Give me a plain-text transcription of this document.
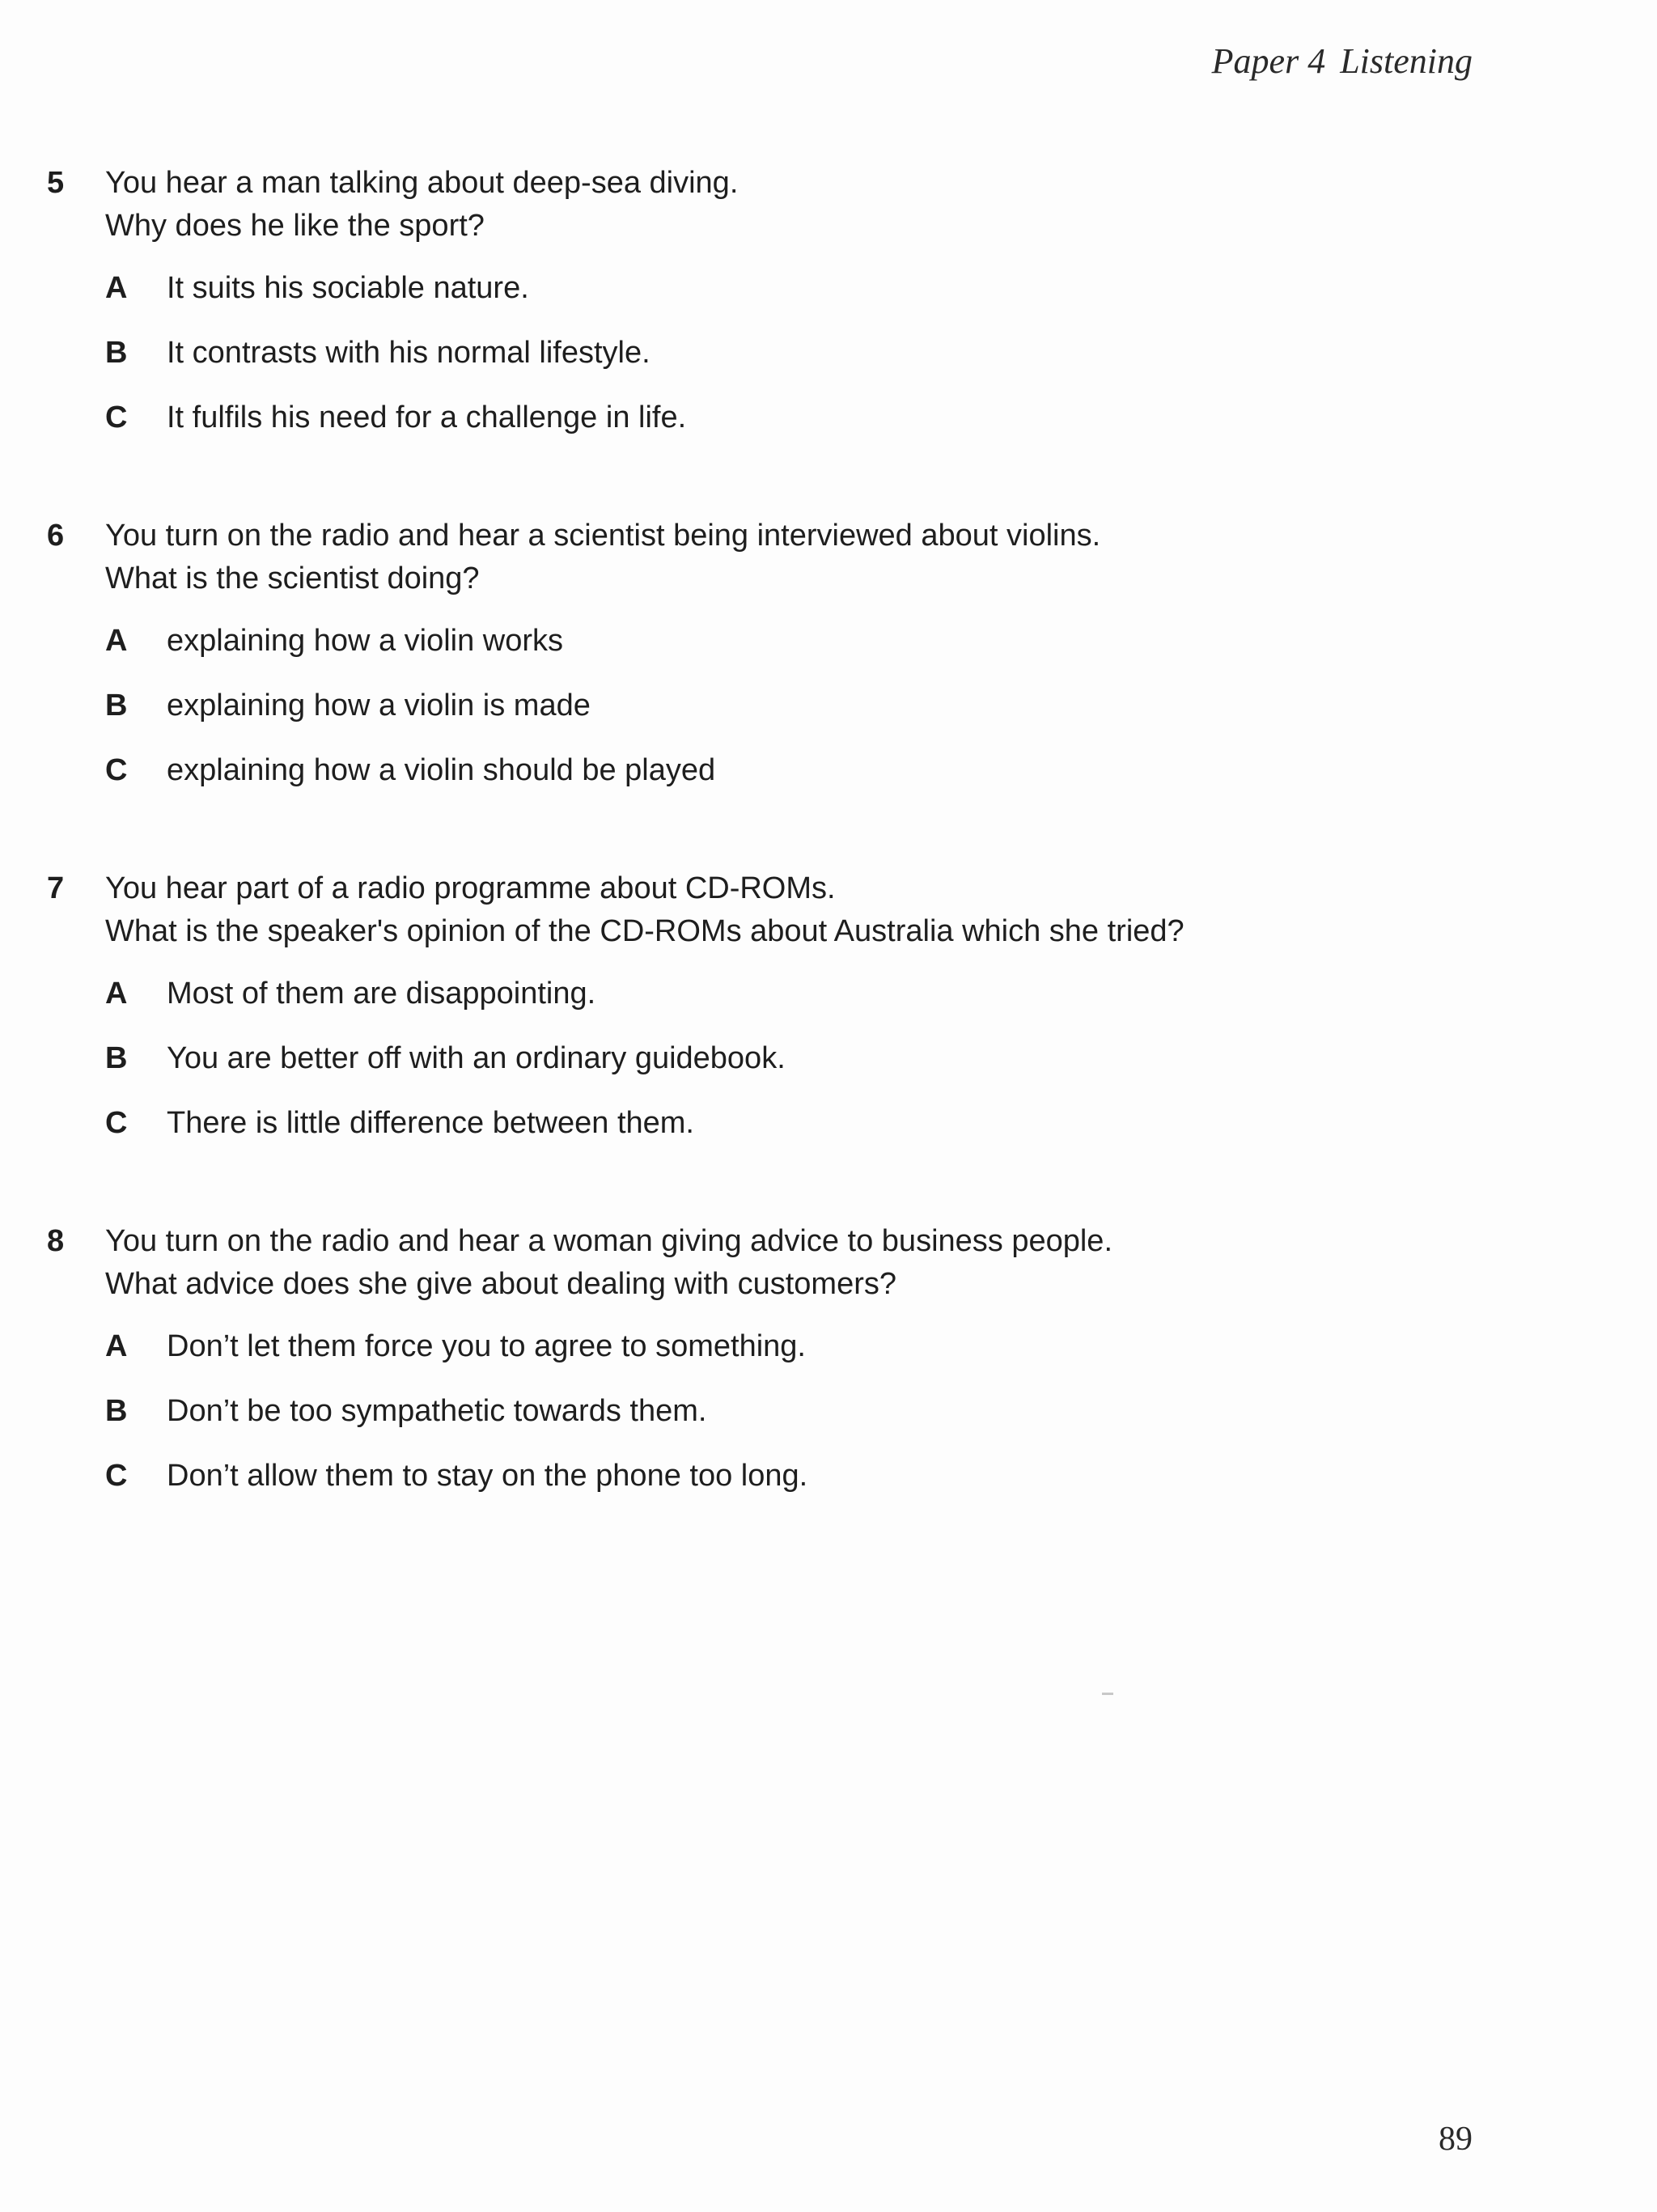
Paper 4 Listening
5	You hear a man talking about deep-sea diving.
Why does he like the sport?
A	It suits his sociable nature.
B	It contrasts with his normal lifestyle.
C	It fulfils his need for a challenge in life.
6	You turn on the radio and hear a scientist being interviewed about violins.
What is the scientist doing?
A	explaining how a violin works
B	explaining how a violin is made
C	explaining how a violin should be played
7	You hear part of a radio programme about CD-ROMs.
What is the speaker's opinion of the CD-ROMs about Australia which she tried?
A	Most of them are disappointing.
B	You are better off with an ordinary guidebook.
C	There is little difference between them.
8	You turn on the radio and hear a woman giving advice to business people.
What advice does she give about dealing with customers?
A	Don’t let them force you to agree to something.
B	Don’t be too sympathetic towards them.
C	Don’t allow them to stay on the phone too long.
89
